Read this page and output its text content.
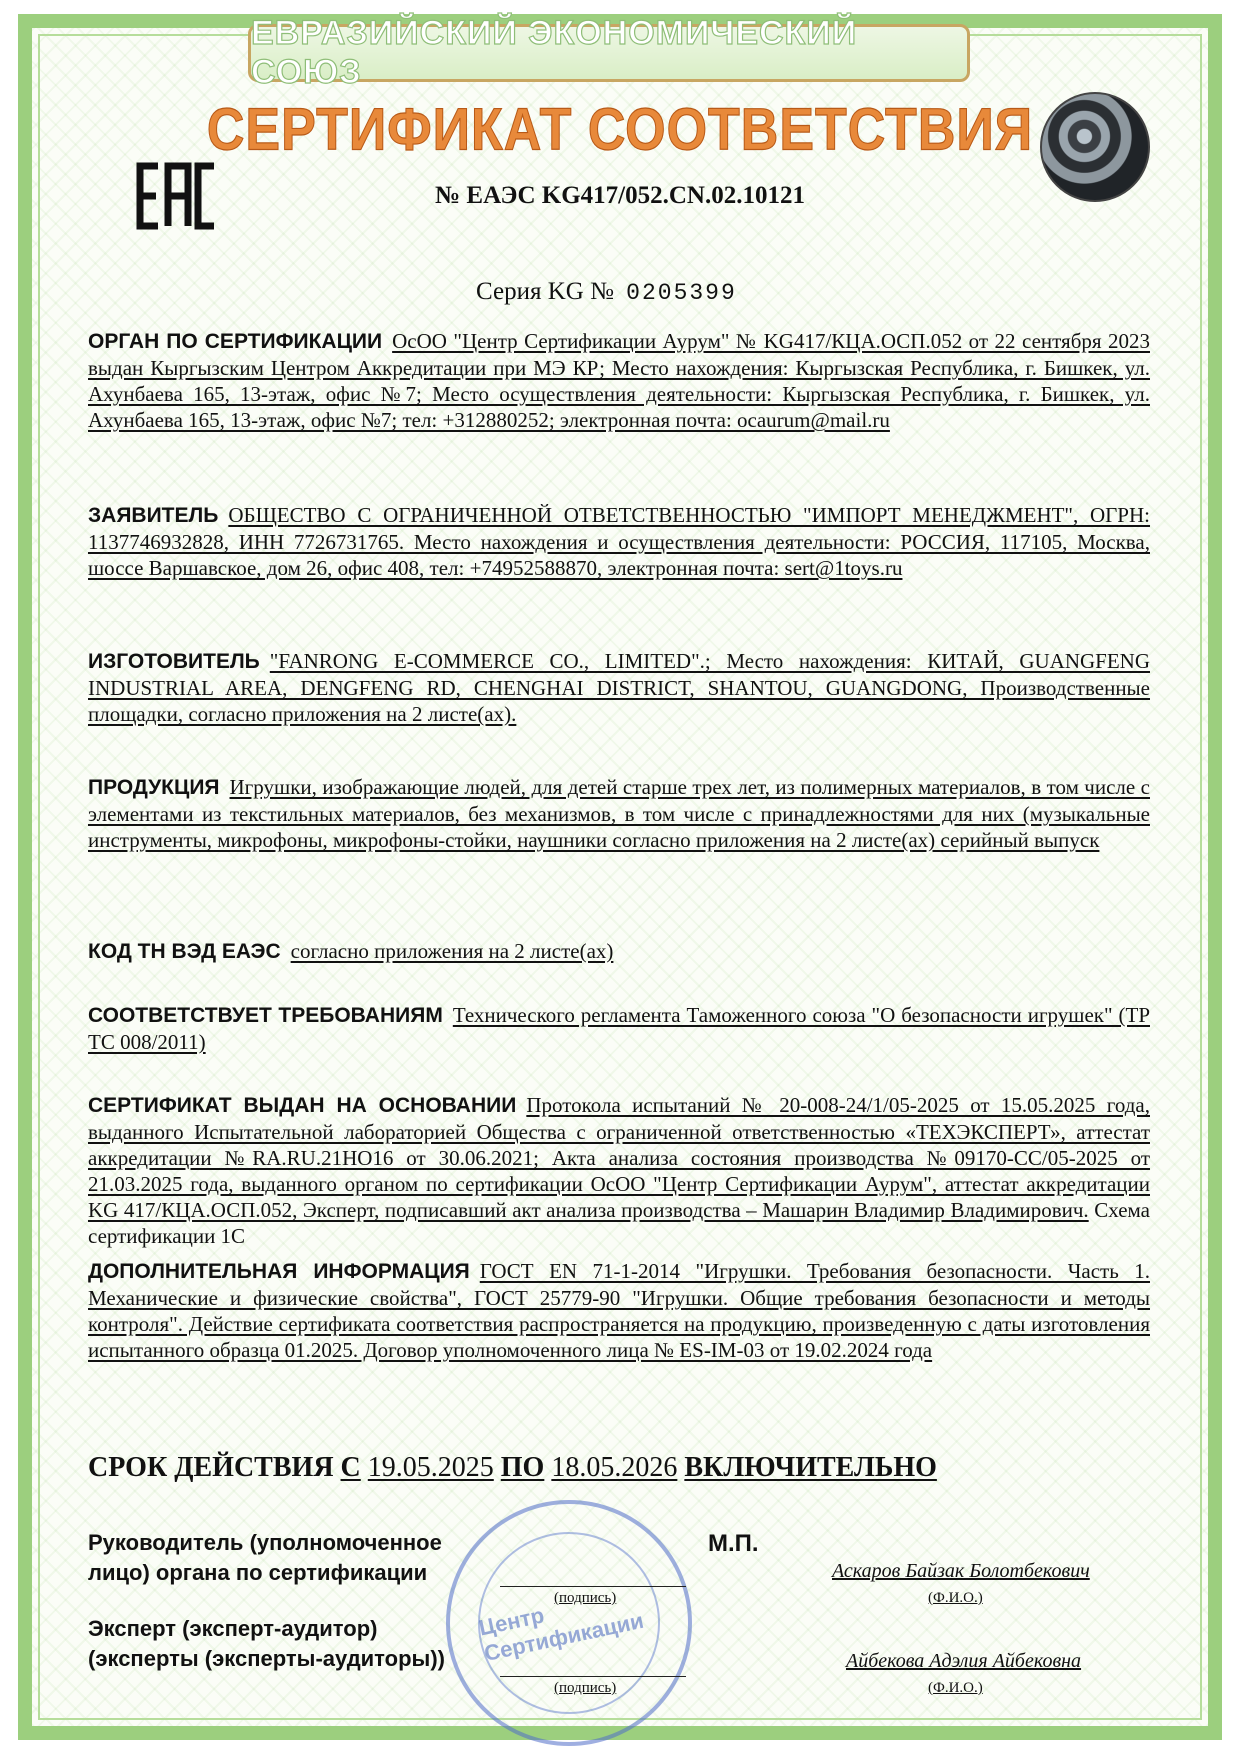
ЕВРАЗИЙСКИЙ ЭКОНОМИЧЕСКИЙ СОЮЗ
СЕРТИФИКАТ СООТВЕТСТВИЯ
№ ЕАЭС KG417/052.CN.02.10121
Серия KG № 0205399
ОРГАН ПО СЕРТИФИКАЦИИ ОсОО "Центр Сертификации Аурум" № KG417/КЦА.ОСП.052 от 22 сентября 2023 выдан Кыргызским Центром Аккредитации при МЭ КР; Место нахождения: Кыргызская Республика, г. Бишкек, ул. Ахунбаева 165, 13-этаж, офис №7; Место осуществления деятельности: Кыргызская Республика, г. Бишкек, ул. Ахунбаева 165, 13-этаж, офис №7; тел: +312880252; электронная почта: ocaurum@mail.ru
ЗАЯВИТЕЛЬ ОБЩЕСТВО С ОГРАНИЧЕННОЙ ОТВЕТСТВЕННОСТЬЮ "ИМПОРТ МЕНЕДЖМЕНТ", ОГРН: 1137746932828, ИНН 7726731765. Место нахождения и осуществления деятельности: РОССИЯ, 117105, Москва, шоссе Варшавское, дом 26, офис 408, тел: +74952588870, электронная почта: sert@1toys.ru
ИЗГОТОВИТЕЛЬ "FANRONG E-COMMERCE CO., LIMITED".; Место нахождения: КИТАЙ, GUANGFENG INDUSTRIAL AREA, DENGFENG RD, CHENGHAI DISTRICT, SHANTOU, GUANGDONG, Производственные площадки, согласно приложения на 2 листе(ах).
ПРОДУКЦИЯ Игрушки, изображающие людей, для детей старше трех лет, из полимерных материалов, в том числе с элементами из текстильных материалов, без механизмов, в том числе с принадлежностями для них (музыкальные инструменты, микрофоны, микрофоны-стойки, наушники согласно приложения на 2 листе(ах) серийный выпуск
КОД ТН ВЭД ЕАЭС согласно приложения на 2 листе(ах)
СООТВЕТСТВУЕТ ТРЕБОВАНИЯМ Технического регламента Таможенного союза "О безопасности игрушек" (ТР ТС 008/2011)
СЕРТИФИКАТ ВЫДАН НА ОСНОВАНИИ Протокола испытаний № 20-008-24/1/05-2025 от 15.05.2025 года, выданного Испытательной лабораторией Общества с ограниченной ответственностью «ТЕХЭКСПЕРТ», аттестат аккредитации №RA.RU.21НО16 от 30.06.2021; Акта анализа состояния производства №09170-СС/05-2025 от 21.03.2025 года, выданного органом по сертификации ОсОО "Центр Сертификации Аурум", аттестат аккредитации KG 417/КЦА.ОСП.052, Эксперт, подписавший акт анализа производства – Машарин Владимир Владимирович. Схема сертификации 1С
ДОПОЛНИТЕЛЬНАЯ ИНФОРМАЦИЯ ГОСТ EN 71-1-2014 "Игрушки. Требования безопасности. Часть 1. Механические и физические свойства", ГОСТ 25779-90 "Игрушки. Общие требования безопасности и методы контроля". Действие сертификата соответствия распространяется на продукцию, произведенную с даты изготовления испытанного образца 01.2025. Договор уполномоченного лица № ES-IM-03 от 19.02.2024 года
СРОК ДЕЙСТВИЯ С 19.05.2025 ПО 18.05.2026 ВКЛЮЧИТЕЛЬНО
Центр Сертификации
Руководитель (уполномоченное
лицо) органа по сертификации
М.П.
(подпись)
Аскаров Байзак Болотбекович
(Ф.И.О.)
Эксперт (эксперт-аудитор)
(эксперты (эксперты-аудиторы))
(подпись)
Айбекова Адэлия Айбековна
(Ф.И.О.)
